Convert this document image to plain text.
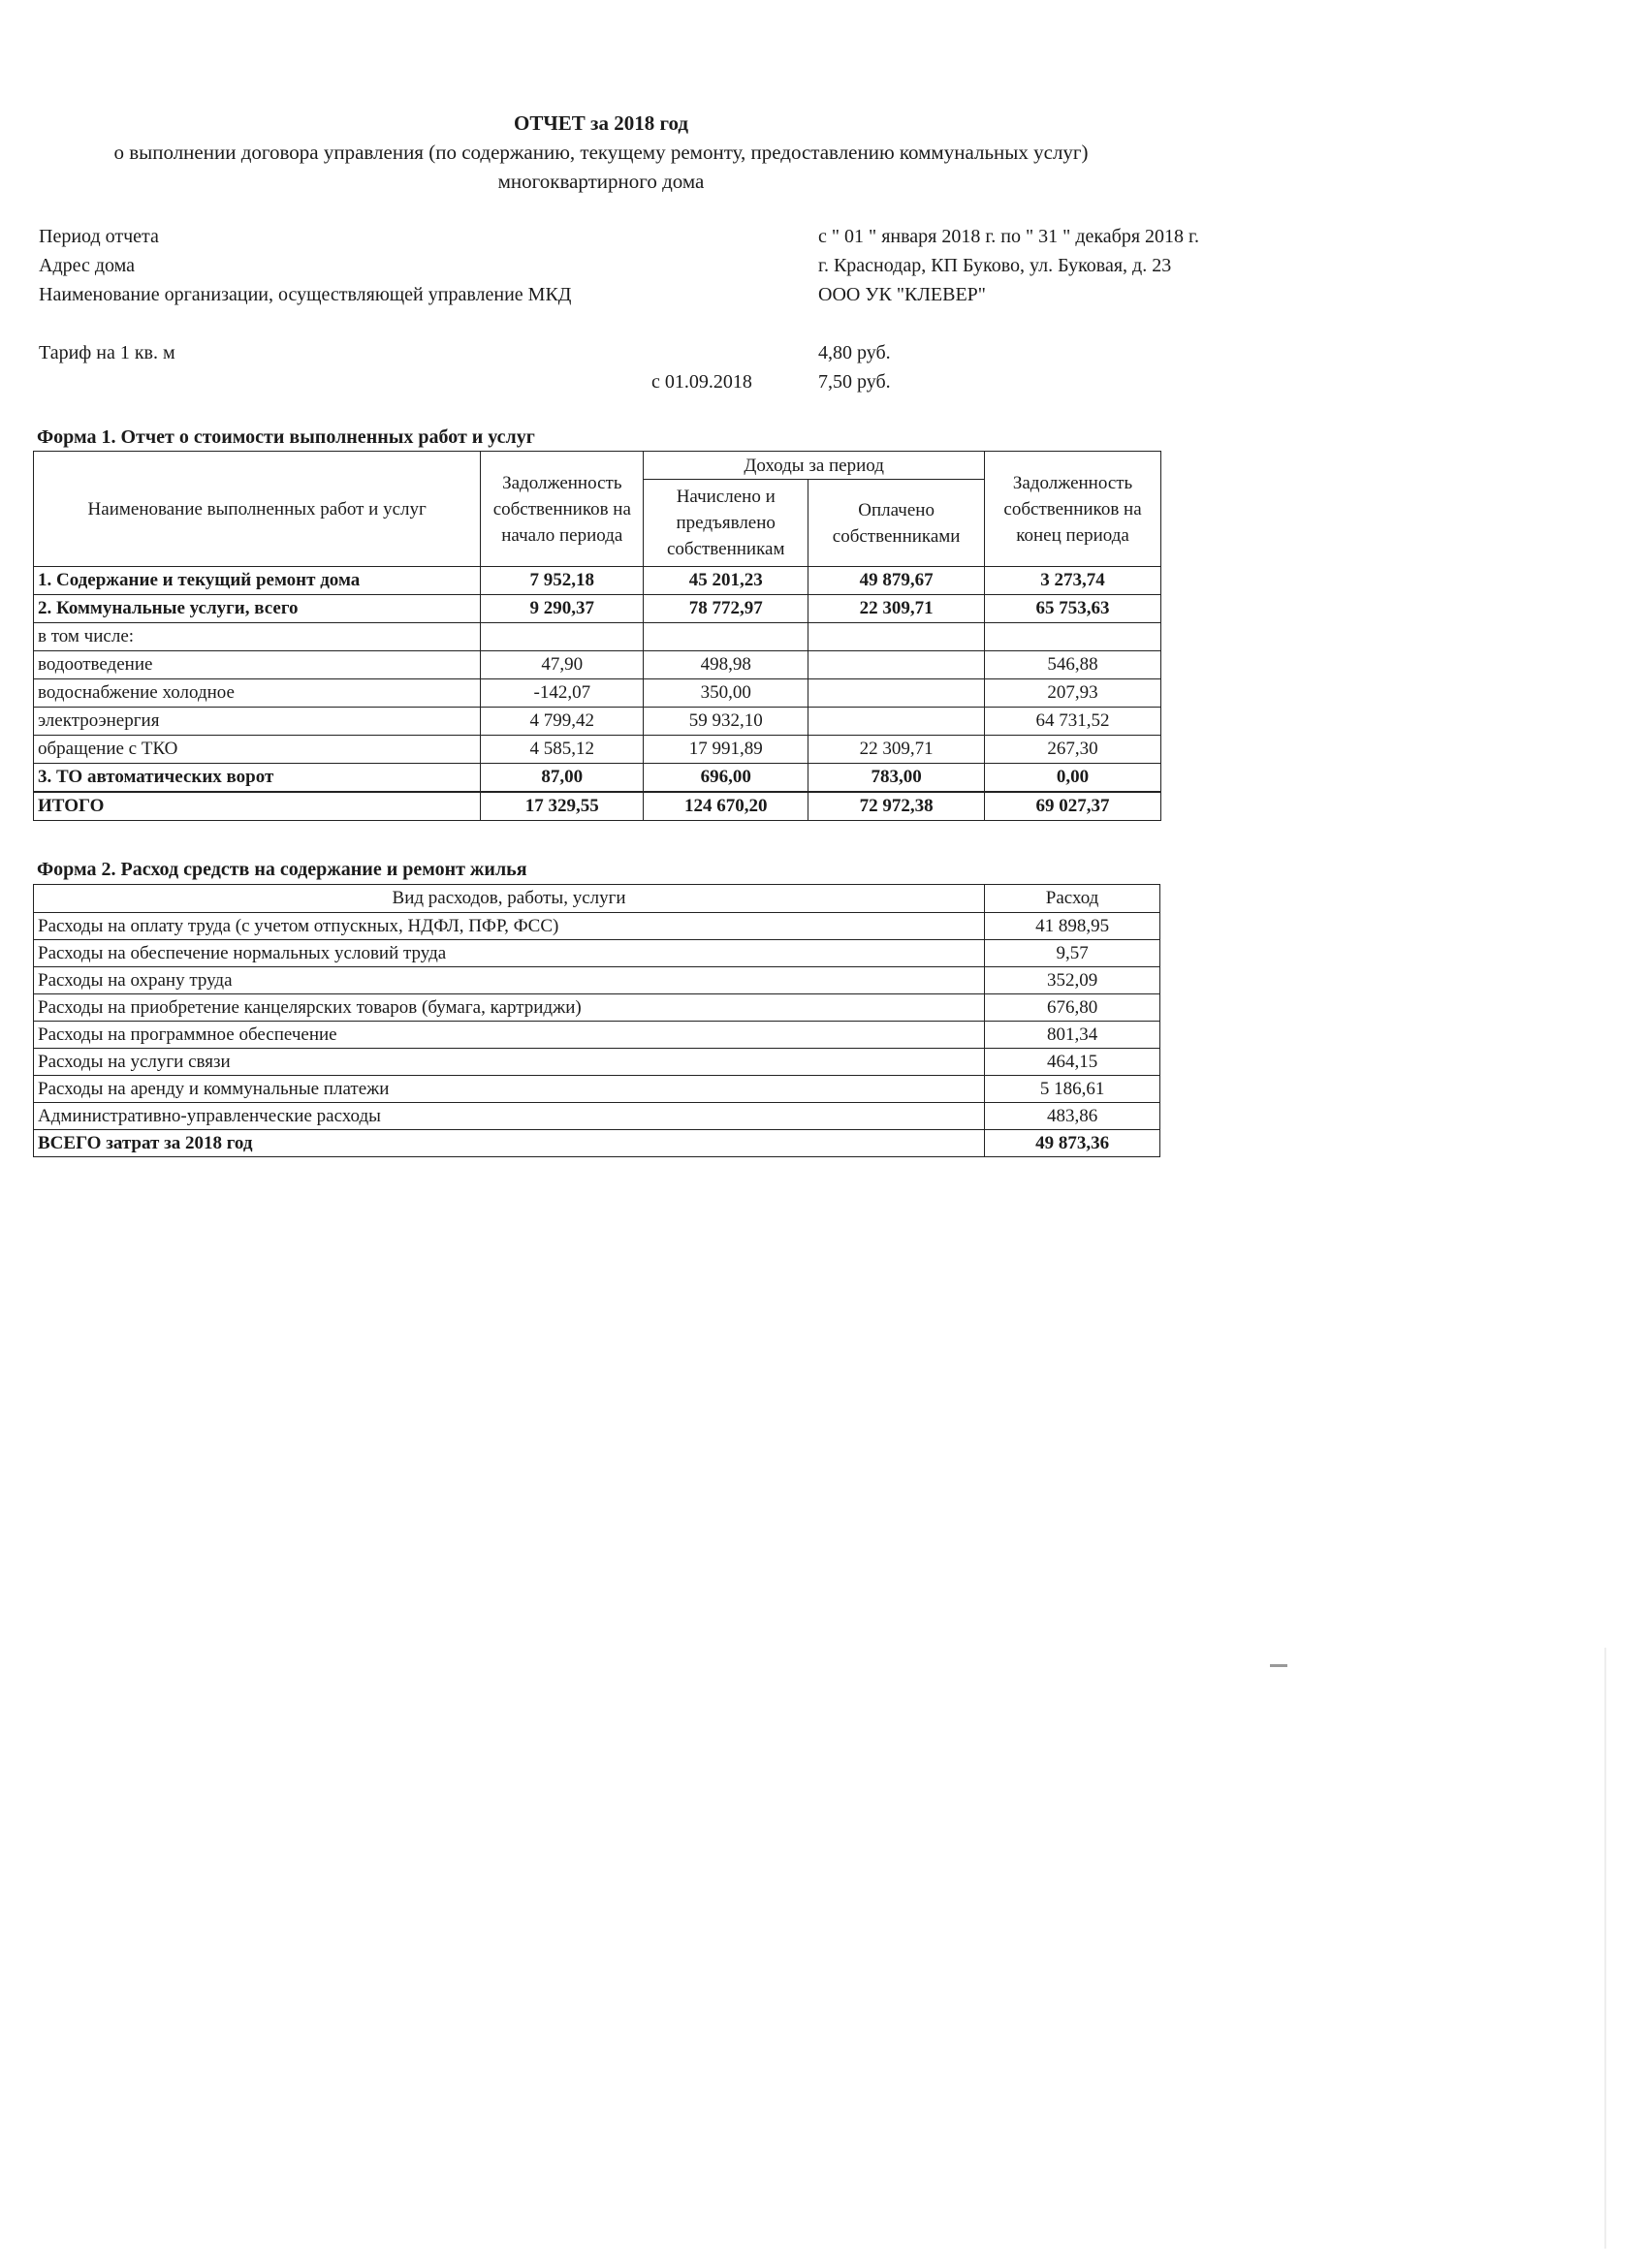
ОТЧЕТ за 2018 год
о выполнении договора управления (по содержанию, текущему ремонту, предоставлению коммунальных услуг)
многоквартирного дома
Период отчета	с " 01 " января 2018 г. по " 31 " декабря 2018 г.
Адрес дома	г. Краснодар, КП Буково, ул. Буковая, д. 23
Наименование организации, осуществляющей управление МКД	ООО УК "КЛЕВЕР"
Тариф на 1 кв. м	4,80 руб.
с 01.09.2018	7,50 руб.
Форма 1. Отчет о стоимости выполненных работ и услуг
Наименование выполненных работ и услуг	Задолженность собственников на начало периода	Доходы за период		Задолженность собственников на конец периода
		Начислено и предъявлено собственникам	Оплачено собственниками	
1. Содержание и текущий ремонт дома	7 952,18	45 201,23	49 879,67	3 273,74
2. Коммунальные услуги, всего	9 290,37	78 772,97	22 309,71	65 753,63
в том числе:				
водоотведение	47,90	498,98		546,88
водоснабжение холодное	-142,07	350,00		207,93
электроэнергия	4 799,42	59 932,10		64 731,52
обращение с ТКО	4 585,12	17 991,89	22 309,71	267,30
3. ТО автоматических ворот	87,00	696,00	783,00	0,00
ИТОГО	17 329,55	124 670,20	72 972,38	69 027,37
Форма 2. Расход средств на содержание и ремонт жилья
Вид расходов, работы, услуги	Расход
Расходы на оплату труда (с учетом отпускных, НДФЛ, ПФР, ФСС)	41 898,95
Расходы на обеспечение нормальных условий труда	9,57
Расходы на охрану труда	352,09
Расходы на приобретение канцелярских товаров (бумага, картриджи)	676,80
Расходы на программное обеспечение	801,34
Расходы на услуги связи	464,15
Расходы на аренду и коммунальные платежи	5 186,61
Административно-управленческие расходы	483,86
ВСЕГО затрат за 2018 год	49 873,36
